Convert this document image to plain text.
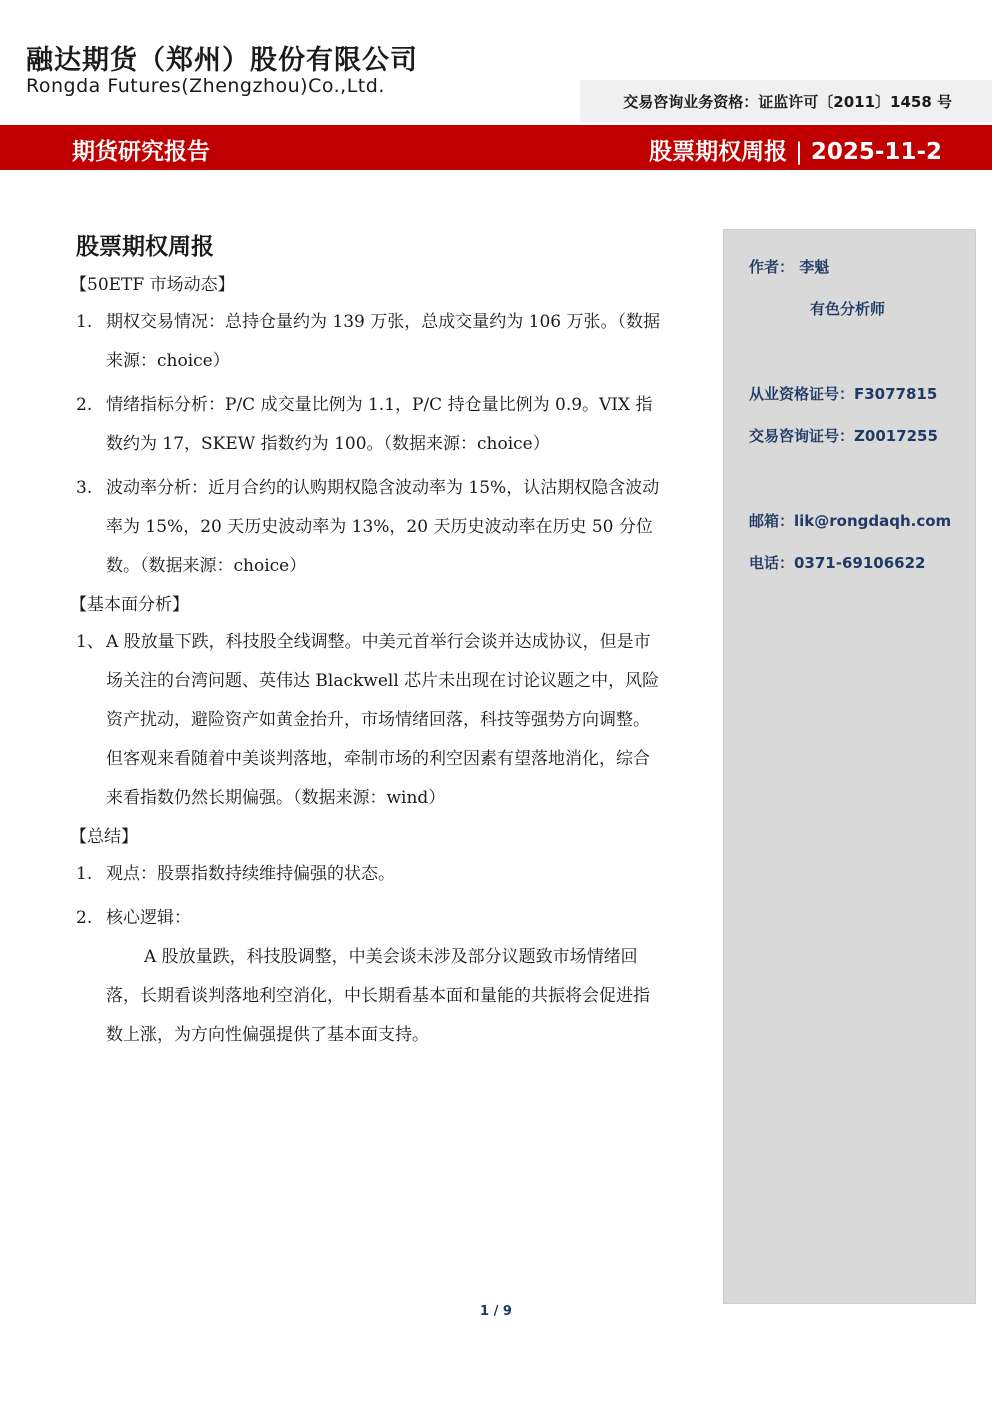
融达期货（郑州）股份有限公司
Rongda Futures(Zhengzhou)Co.,Ltd.
交易咨询业务资格：证监许可〔2011〕1458 号
期货研究报告	股票期权周报 | 2025-11-2
股票期权周报
【50ETF 市场动态】
1. 期权交易情况：总持仓量约为 139 万张，总成交量约为 106 万张。（数据来源：choice）
2. 情绪指标分析：P/C 成交量比例为 1.1，P/C 持仓量比例为 0.9。VIX 指数约为 17，SKEW 指数约为 100。（数据来源：choice）
3. 波动率分析：近月合约的认购期权隐含波动率为 15%，认沽期权隐含波动率为 15%，20 天历史波动率为 13%，20 天历史波动率在历史 50 分位数。（数据来源：choice）
【基本面分析】
1、 A 股放量下跌，科技股全线调整。中美元首举行会谈并达成协议，但是市场关注的台湾问题、英伟达 Blackwell 芯片未出现在讨论议题之中，风险资产扰动，避险资产如黄金抬升，市场情绪回落，科技等强势方向调整。但客观来看随着中美谈判落地，牵制市场的利空因素有望落地消化，综合来看指数仍然长期偏强。（数据来源：wind）
【总结】
1. 观点：股票指数持续维持偏强的状态。
2. 核心逻辑：
A 股放量跌，科技股调整，中美会谈未涉及部分议题致市场情绪回落，长期看谈判落地利空消化，中长期看基本面和量能的共振将会促进指数上涨，为方向性偏强提供了基本面支持。
作者： 李魁
有色分析师
从业资格证号：F3077815
交易咨询证号：Z0017255
邮箱：lik@rongdaqh.com
电话：0371-69106622
1 / 9
